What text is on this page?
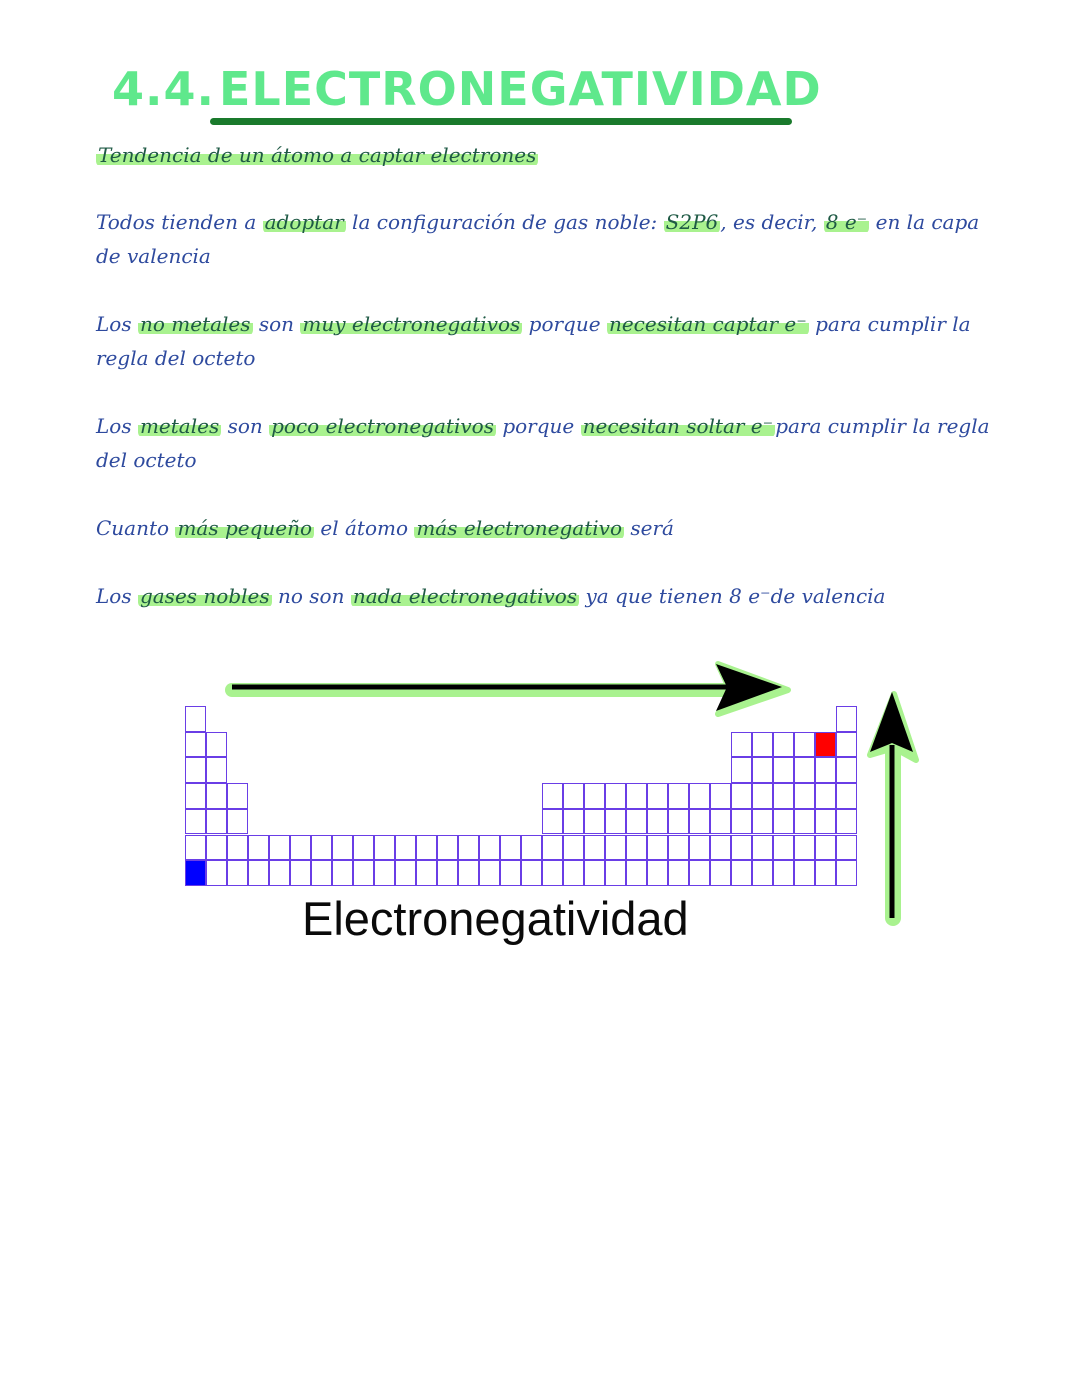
4.4.ELECTRONEGATIVIDAD
Tendencia de un átomo a captar electrones
Todos tienden a adoptar la configuración de gas noble: S2P6 , es decir, 8 e⁻ en la capa de valencia
Los no metales son muy electronegativos porque necesitan captar e⁻ para cumplir la regla del octeto
Los metales son poco electronegativos porque necesitan soltar e⁻ para cumplir la regla del octeto
Cuanto más pequeño el átomo más electronegativo será
Los gases nobles no son nada electronegativos ya que tienen 8 e⁻de valencia
Electronegatividad
